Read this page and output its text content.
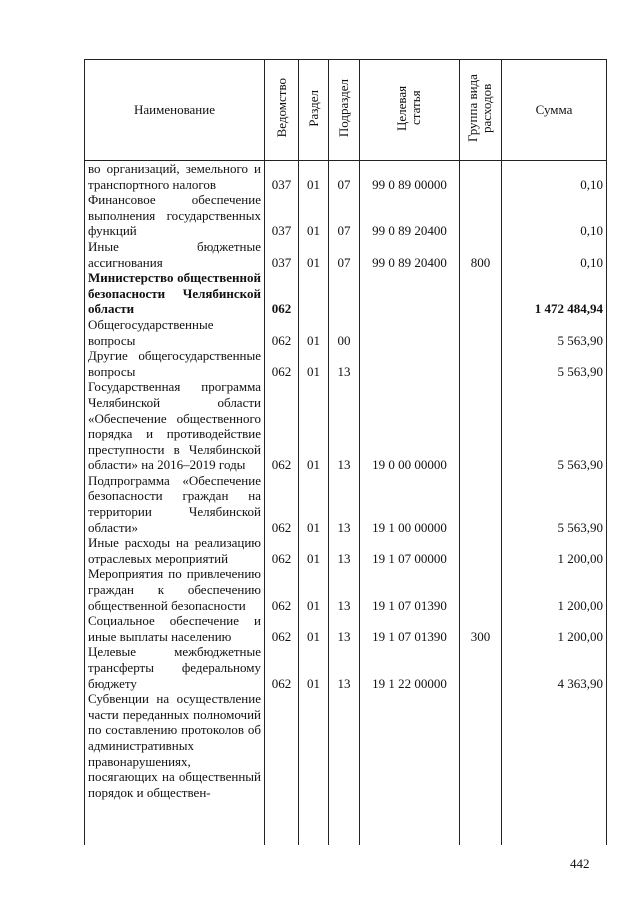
Наименование	Ведомство	Раздел	Подраздел	Целевая статья	Группа вида расходов	Сумма
во организаций, земельного и транспортного налогов	037	01	07	99 0 89 00000		0,10
Финансовое обеспечение выполнения государственных функций	037	01	07	99 0 89 20400		0,10
Иные бюджетные ассигнования	037	01	07	99 0 89 20400	800	0,10
Министерство общественной безопасности Челябинской области	062					1 472 484,94
Общегосударственные вопросы	062	01	00			5 563,90
Другие общегосударственные вопросы	062	01	13			5 563,90
Государственная программа Челябинской области «Обеспечение общественного порядка и противодействие преступности в Челябинской области» на 2016–2019 годы	062	01	13	19 0 00 00000		5 563,90
Подпрограмма «Обеспечение безопасности граждан на территории Челябинской области»	062	01	13	19 1 00 00000		5 563,90
Иные расходы на реализацию отраслевых мероприятий	062	01	13	19 1 07 00000		1 200,00
Мероприятия по привлечению граждан к обеспечению общественной безопасности	062	01	13	19 1 07 01390		1 200,00
Социальное обеспечение и иные выплаты населению	062	01	13	19 1 07 01390	300	1 200,00
Целевые межбюджетные трансферты федеральному бюджету	062	01	13	19 1 22 00000		4 363,90
Субвенции на осуществление части переданных полномочий по составлению протоколов об административных правонарушениях, посягающих на общественный порядок и обществен-						
442
